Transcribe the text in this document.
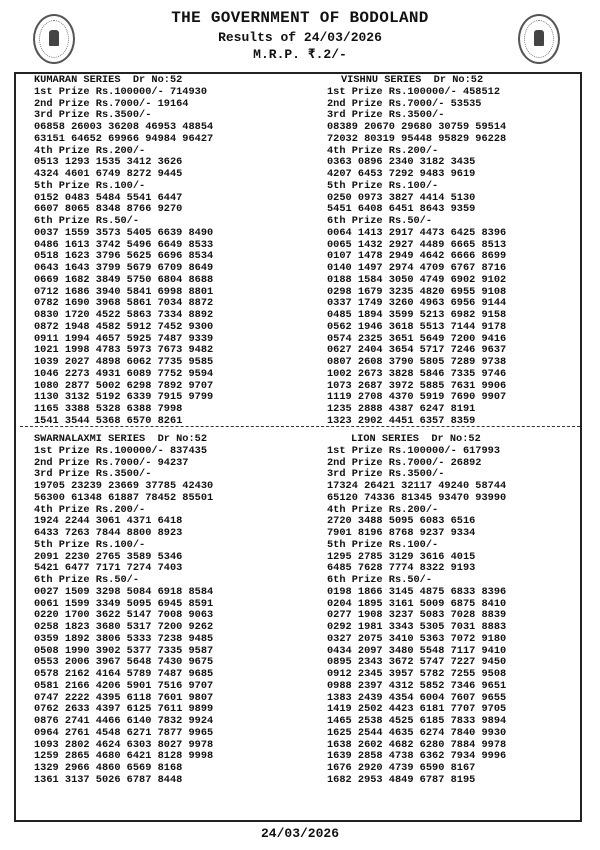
THE GOVERNMENT OF BODOLAND
Results of 24/03/2026
M.R.P. ₹.2/-
KUMARAN SERIES  Dr No:52
1st Prize Rs.100000/- 714930
2nd Prize Rs.7000/- 19164
3rd Prize Rs.3500/-
06858 26003 36208 46953 48854
63151 64652 69966 94984 96427
4th Prize Rs.200/-
0513 1293 1535 3412 3626
4324 4601 6749 8272 9445
5th Prize Rs.100/-
0152 0483 5484 5541 6447
6607 8065 8348 8766 9270
6th Prize Rs.50/-
0037 1559 3573 5405 6639 8490
0486 1613 3742 5496 6649 8533
0518 1623 3796 5625 6696 8534
0643 1643 3799 5679 6709 8649
0669 1682 3849 5750 6804 8688
0712 1686 3940 5841 6998 8801
0782 1690 3968 5861 7034 8872
0830 1720 4522 5863 7334 8892
0872 1948 4582 5912 7452 9300
0911 1994 4657 5925 7487 9339
1021 1998 4783 5973 7673 9482
1039 2027 4898 6062 7735 9585
1046 2273 4931 6089 7752 9594
1080 2877 5002 6298 7892 9707
1130 3132 5192 6339 7915 9799
1165 3388 5328 6388 7998
1541 3544 5368 6570 8261
VISHNU SERIES  Dr No:52
1st Prize Rs.100000/- 458512
2nd Prize Rs.7000/- 53535
3rd Prize Rs.3500/-
08389 20670 29680 30759 59514
72032 80319 95448 95829 96228
4th Prize Rs.200/-
0363 0896 2340 3182 3435
4207 6453 7292 9483 9619
5th Prize Rs.100/-
0250 0973 3827 4414 5130
5451 6408 6451 8643 9359
6th Prize Rs.50/-
0064 1413 2917 4473 6425 8396
0065 1432 2927 4489 6665 8513
0107 1478 2949 4642 6666 8699
0140 1497 2974 4709 6767 8716
0188 1584 3050 4749 6902 9102
0298 1679 3235 4820 6955 9108
0337 1749 3260 4963 6956 9144
0485 1894 3599 5213 6982 9158
0562 1946 3618 5513 7144 9178
0574 2325 3651 5649 7200 9416
0627 2404 3654 5717 7246 9637
0807 2608 3790 5805 7289 9738
1002 2673 3828 5846 7335 9746
1073 2687 3972 5885 7631 9906
1119 2708 4370 5919 7690 9907
1235 2888 4387 6247 8191
1323 2902 4451 6357 8359
SWARNALAXMI SERIES  Dr No:52
1st Prize Rs.100000/- 837435
2nd Prize Rs.7000/- 94237
3rd Prize Rs.3500/-
19705 23239 23669 37785 42430
56300 61348 61887 78452 85501
4th Prize Rs.200/-
1924 2244 3061 4371 6418
6433 7263 7844 8800 8923
5th Prize Rs.100/-
2091 2230 2765 3589 5346
5421 6477 7171 7274 7403
6th Prize Rs.50/-
0027 1509 3298 5084 6918 8584
0061 1599 3349 5095 6945 8591
0220 1700 3622 5147 7008 9063
0258 1823 3680 5317 7200 9262
0359 1892 3806 5333 7238 9485
0508 1990 3902 5377 7335 9587
0553 2006 3967 5648 7430 9675
0578 2162 4164 5789 7487 9685
0581 2166 4206 5901 7516 9707
0747 2222 4395 6118 7601 9807
0762 2633 4397 6125 7611 9899
0876 2741 4466 6140 7832 9924
0964 2761 4548 6271 7877 9965
1093 2802 4624 6303 8027 9978
1259 2865 4680 6421 8128 9998
1329 2966 4860 6569 8168
1361 3137 5026 6787 8448
LION SERIES  Dr No:52
1st Prize Rs.100000/- 617993
2nd Prize Rs.7000/- 26892
3rd Prize Rs.3500/-
17324 26421 32117 49240 58744
65120 74336 81345 93470 93990
4th Prize Rs.200/-
2720 3488 5095 6083 6516
7901 8196 8768 9237 9334
5th Prize Rs.100/-
1295 2785 3129 3616 4015
6485 7628 7774 8322 9193
6th Prize Rs.50/-
0198 1866 3145 4875 6833 8396
0204 1895 3161 5009 6875 8410
0277 1908 3237 5083 7028 8839
0292 1981 3343 5305 7031 8883
0327 2075 3410 5363 7072 9180
0434 2097 3480 5548 7117 9410
0895 2343 3672 5747 7227 9450
0912 2345 3957 5782 7255 9508
0988 2397 4312 5852 7346 9651
1383 2439 4354 6004 7607 9655
1419 2502 4423 6181 7707 9705
1465 2538 4525 6185 7833 9894
1625 2544 4635 6274 7840 9930
1638 2602 4682 6280 7884 9978
1639 2858 4738 6362 7934 9996
1676 2920 4739 6590 8167
1682 2953 4849 6787 8195
24/03/2026
